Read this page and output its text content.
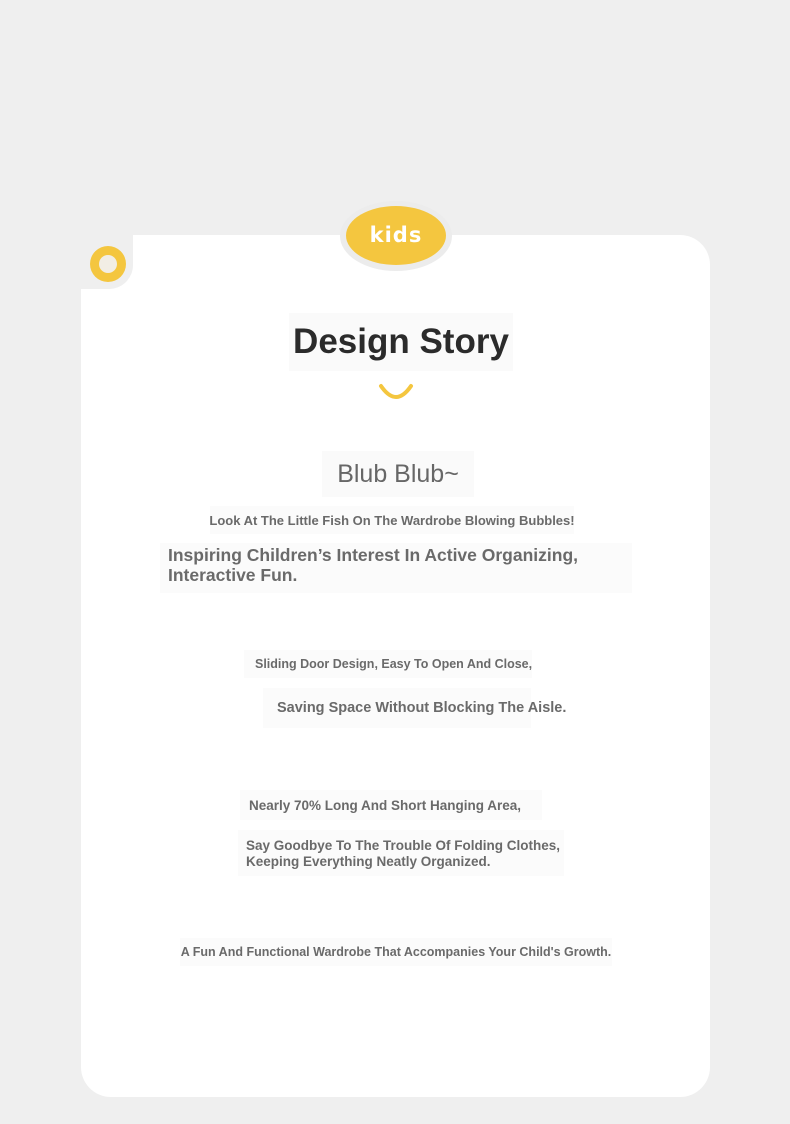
kids
Design Story
Blub Blub~
Look At The Little Fish On The Wardrobe Blowing Bubbles!
Inspiring Children’s Interest In Active Organizing,
Interactive Fun.
Sliding Door Design, Easy To Open And Close,
Saving Space Without Blocking The Aisle.
Nearly 70% Long And Short Hanging Area,
Say Goodbye To The Trouble Of Folding Clothes,
Keeping Everything Neatly Organized.
A Fun And Functional Wardrobe That Accompanies Your Child's Growth.
